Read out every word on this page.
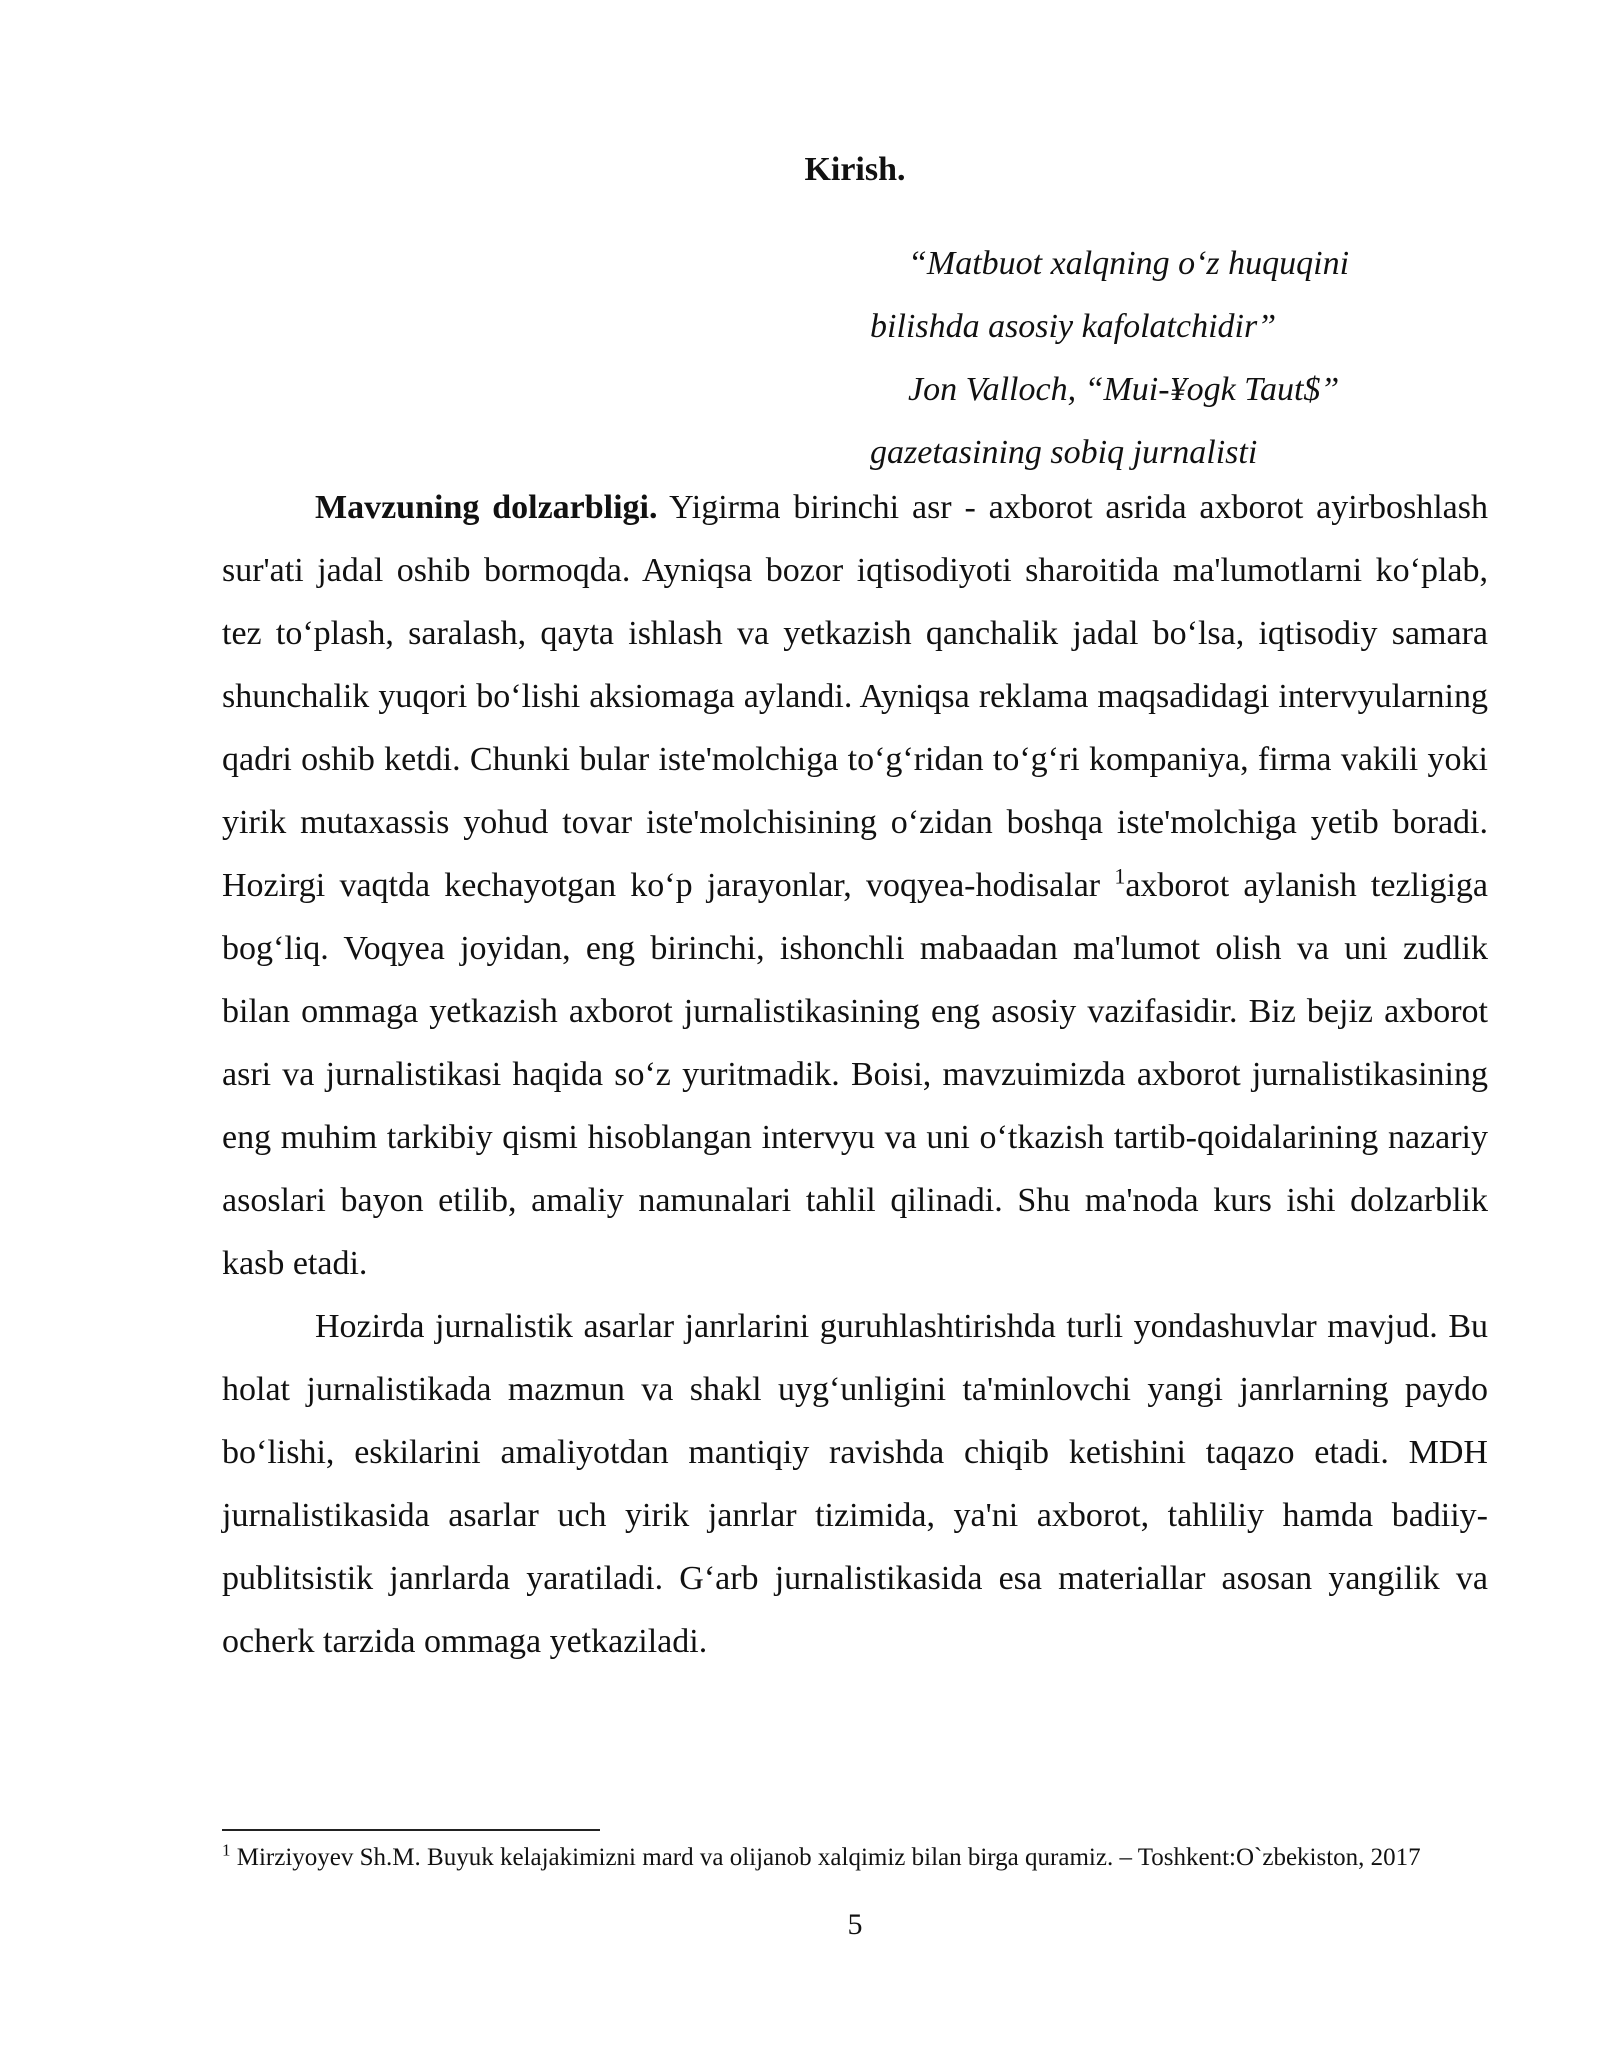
Kirish.

“Matbuot xalqning o‘z huquqini

bilishda asosiy kafolatchidir”

Jon Valloch, “Mui-¥ogk Taut$”

gazetasining sobiq jurnalisti

Mavzuning dolzarbligi. Yigirma birinchi asr - axborot asrida axborot ayirboshlash sur'ati jadal oshib bormoqda. Ayniqsa bozor iqtisodiyoti sharoitida ma'lumotlarni ko‘plab, tez to‘plash, saralash, qayta ishlash va yetkazish qanchalik jadal bo‘lsa, iqtisodiy samara shunchalik yuqori bo‘lishi aksiomaga aylandi. Ayniqsa reklama maqsadidagi intervyularning qadri oshib ketdi. Chunki bular iste'molchiga to‘g‘ridan to‘g‘ri kompaniya, firma vakili yoki yirik mutaxassis yohud tovar iste'molchisining o‘zidan boshqa iste'molchiga yetib boradi. Hozirgi vaqtda kechayotgan ko‘p jarayonlar, voqyea-hodisalar $^1$axborot aylanish tezligiga bog‘liq. Voqyea joyidan, eng birinchi, ishonchli mabaadan ma'lumot olish va uni zudlik bilan ommaga yetkazish axborot jurnalistikasining eng asosiy vazifasidir. Biz bejiz axborot asri va jurnalistikasi haqida so‘z yuritmadik. Boisi, mavzuimizda axborot jurnalistikasining eng muhim tarkibiy qismi hisoblangan intervyu va uni o‘tkazish tartib-qoidalarining nazariy asoslari bayon etilib, amaliy namunalari tahlil qilinadi. Shu ma'noda kurs ishi dolzarblik kasb etadi.

Hozirda jurnalistik asarlar janrlarini guruhlashtirishda turli yondashuvlar mavjud. Bu holat jurnalistikada mazmun va shakl uyg‘unligini ta'minlovchi yangi janrlarning paydo bo‘lishi, eskilarini amaliyotdan mantiqiy ravishda chiqib ketishini taqazo etadi. MDH jurnalistikasida asarlar uch yirik janrlar tizimida, ya'ni axborot, tahliliy hamda badiiy- publitsistik janrlarda yaratiladi. G‘arb jurnalistikasida esa materiallar asosan yangilik va ocherk tarzida ommaga yetkaziladi.

$^1$ Mirziyoyev Sh.M. Buyuk kelajakimizni mard va olijanob xalqimiz bilan birga quramiz. – Toshkent:O`zbekiston, 2017
5
